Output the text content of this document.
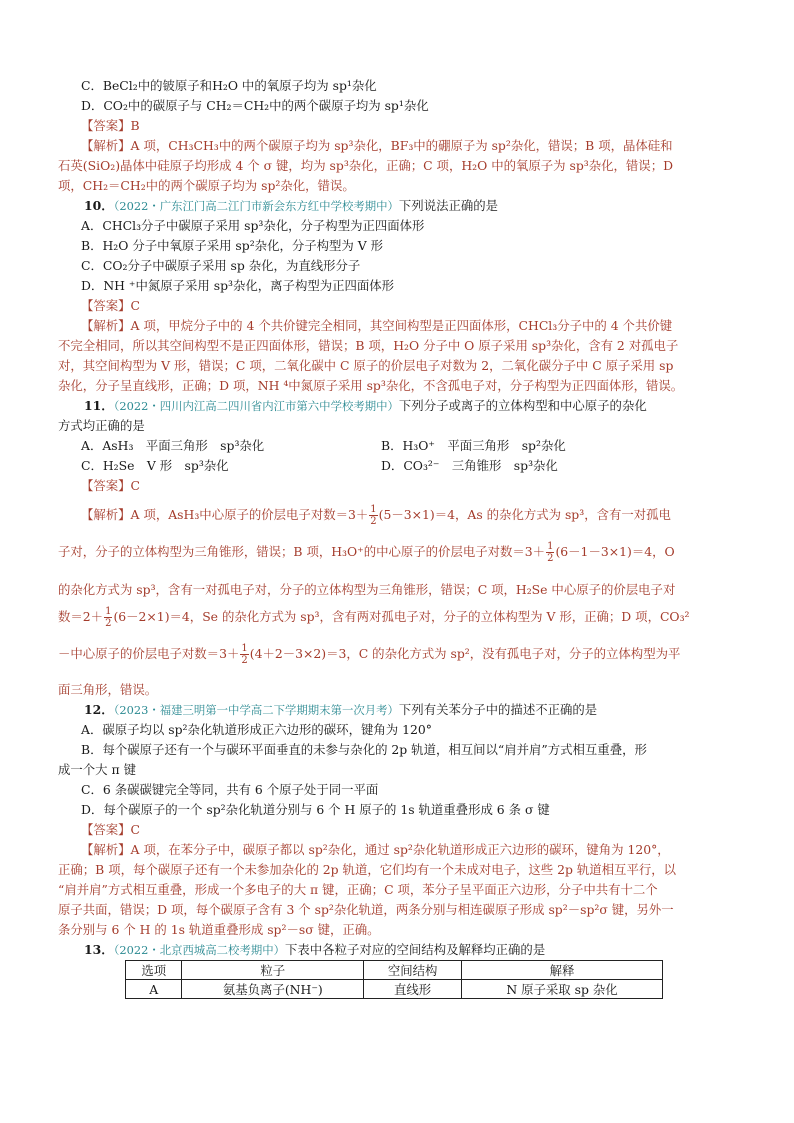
C．BeCl₂中的铍原子和H₂O 中的氧原子均为 sp¹杂化
D．CO₂中的碳原子与 CH₂＝CH₂中的两个碳原子均为 sp¹杂化
【答案】B
【解析】A 项，CH₃CH₃中的两个碳原子均为 sp³杂化，BF₃中的硼原子为 sp²杂化，错误；B 项，晶体硅和
石英(SiO₂)晶体中硅原子均形成 4 个 σ 键，均为 sp³杂化，正确；C 项，H₂O 中的氧原子为 sp³杂化，错误；D
项，CH₂＝CH₂中的两个碳原子均为 sp²杂化，错误。
10．（2022・广东江门高二江门市新会东方红中学校考期中）下列说法正确的是
A．CHCl₃分子中碳原子采用 sp³杂化，分子构型为正四面体形
B．H₂O 分子中氧原子采用 sp²杂化，分子构型为 V 形
C．CO₂分子中碳原子采用 sp 杂化，为直线形分子
D．NH ⁺中氮原子采用 sp³杂化，离子构型为正四面体形
【答案】C
【解析】A 项，甲烷分子中的 4 个共价键完全相同，其空间构型是正四面体形，CHCl₃分子中的 4 个共价键
不完全相同，所以其空间构型不是正四面体形，错误；B 项，H₂O 分子中 O 原子采用 sp³杂化，含有 2 对孤电子
对，其空间构型为 V 形，错误；C 项，二氧化碳中 C 原子的价层电子对数为 2，二氧化碳分子中 C 原子采用 sp
杂化，分子呈直线形，正确；D 项，NH ⁴中氮原子采用 sp³杂化，不含孤电子对，分子构型为正四面体形，错误。
11．（2022・四川内江高二四川省内江市第六中学校考期中）下列分子或离子的立体构型和中心原子的杂化
方式均正确的是
A．AsH₃　平面三角形　sp³杂化	B．H₃O⁺　平面三角形　sp²杂化
C．H₂Se　V 形　sp³杂化	D．CO₃²⁻　三角锥形　sp³杂化
【答案】C
【解析】A 项，AsH₃中心原子的价层电子对数$=3+ \frac{1}{2} (5-3\times 1)=4$，As 的杂化方式为 sp³，含有一对孤电
子对，分子的立体构型为三角锥形，错误；B 项，H₃O⁺的中心原子的价层电子对数$=3+ \frac{1}{2} (6-1-3\times 1)=4$，O
的杂化方式为 sp³，含有一对孤电子对，分子的立体构型为三角锥形，错误；C 项，H₂Se 中心原子的价层电子对
数$=2+ \frac{1}{2} (6-2\times 1)=4$，Se 的杂化方式为 sp³，含有两对孤电子对，分子的立体构型为 V 形，正确；D 项，CO₃²
－中心原子的价层电子对数$=3+ \frac{1}{2} (4+2-3\times 2)=3$，C 的杂化方式为 sp²，没有孤电子对，分子的立体构型为平
面三角形，错误。
12．（2023・福建三明第一中学高二下学期期末第一次月考）下列有关苯分子中的描述不正确的是
A．碳原子均以 sp²杂化轨道形成正六边形的碳环，键角为 120°
B．每个碳原子还有一个与碳环平面垂直的未参与杂化的 2p 轨道，相互间以“肩并肩”方式相互重叠，形
成一个大 π 键
C．6 条碳碳键完全等同，共有 6 个原子处于同一平面
D．每个碳原子的一个 sp²杂化轨道分别与 6 个 H 原子的 1s 轨道重叠形成 6 条 σ 键
【答案】C
【解析】A 项，在苯分子中，碳原子都以 sp²杂化，通过 sp²杂化轨道形成正六边形的碳环，键角为 120°，
正确；B 项，每个碳原子还有一个未参加杂化的 2p 轨道，它们均有一个未成对电子，这些 2p 轨道相互平行，以
“肩并肩”方式相互重叠，形成一个多电子的大 π 键，正确；C 项，苯分子呈平面正六边形，分子中共有十二个
原子共面，错误；D 项，每个碳原子含有 3 个 sp²杂化轨道，两条分别与相连碳原子形成 sp²－sp²σ 键，另外一
条分别与 6 个 H 的 1s 轨道重叠形成 sp²－sσ 键，正确。
13．（2022・北京西城高二校考期中）下表中各粒子对应的空间结构及解释均正确的是
选项	粒子	空间结构	解释
A	氨基负离子(NH⁻)	直线形	N 原子采取 sp 杂化
